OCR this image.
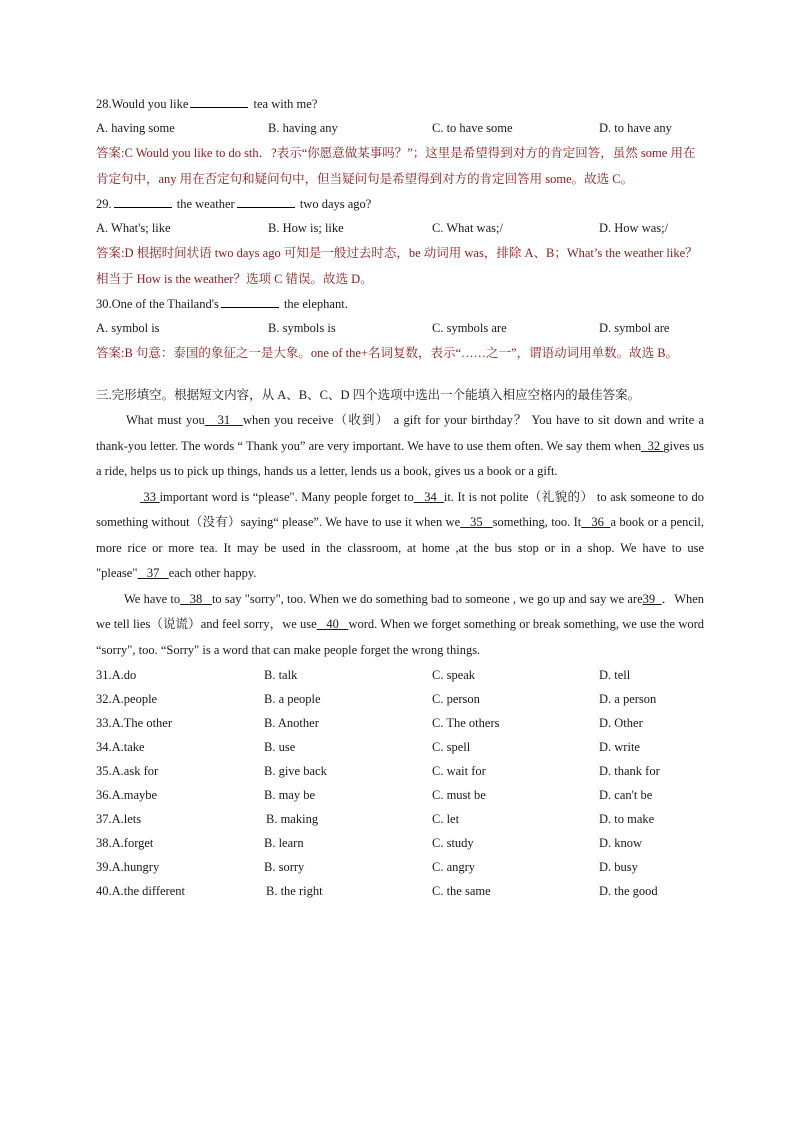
28.Would you like	tea with me?
A. having some	B. having any	C. to have some	D. to have any
答案:C Would you like to do sth．?表示“你愿意做某事吗？”；这里是希望得到对方的肯定回答，虽然 some 用在肯定句中，any 用在否定句和疑问句中，但当疑问句是希望得到对方的肯定回答用 some。故选 C。
29.	the weather	two days ago?
A. What's; like	B. How is; like	C. What was;/	D. How was;/
答案:D 根据时间状语 two days ago 可知是一般过去时态，be 动词用 was，排除 A、B；What’s the weather like？相当于 How is the weather？选项 C 错误。故选 D。
30.One of the Thailand's	the elephant.
A. symbol is	B. symbols is	C. symbols are	D. symbol are
答案:B 句意：泰国的象征之一是大象。one of the+名词复数，表示“……之一”，谓语动词用单数。故选 B。
三.完形填空。根据短文内容，从 A、B、C、D 四个选项中选出一个能填入相应空格内的最佳答案。
What must you 31 when you receive（收到） a gift for your birthday？ You have to sit down and write a thank-you letter. The words “ Thank you” are very important. We have to use them often. We say them when 32 gives us a ride, helps us to pick up things, hands us a letter, lends us a book, gives us a book or a gift.
33 important word is “please". Many people forget to 34 it. It is not polite（礼貌的） to ask someone to do something without（没有）saying“ please”. We have to use it when we 35 something, too. It 36 a book or a pencil, more rice or more tea. It may be used in the classroom, at home ,at the bus stop or in a shop. We have to use "please" 37 each other happy.
We have to 38 to say "sorry", too. When we do something bad to someone , we go up and say we are39 ．When we tell lies（说谎）and feel sorry，we use 40 word. When we forget something or break something, we use the word “sorry", too. “Sorry" is a word that can make people forget the wrong things.
31.A.do	B. talk	C. speak	D. tell
32.A.people	B. a people	C. person	D. a person
33.A.The other	B. Another	C. The others	D. Other
34.A.take	B. use	C. spell	D. write
35.A.ask for	B. give back	C. wait for	D. thank for
36.A.maybe	B. may be	C. must be	D. can't be
37.A.lets	B. making	C. let	D. to make
38.A.forget	B. learn	C. study	D. know
39.A.hungry	B. sorry	C. angry	D. busy
40.A.the different	B. the right	C. the same	D. the good
